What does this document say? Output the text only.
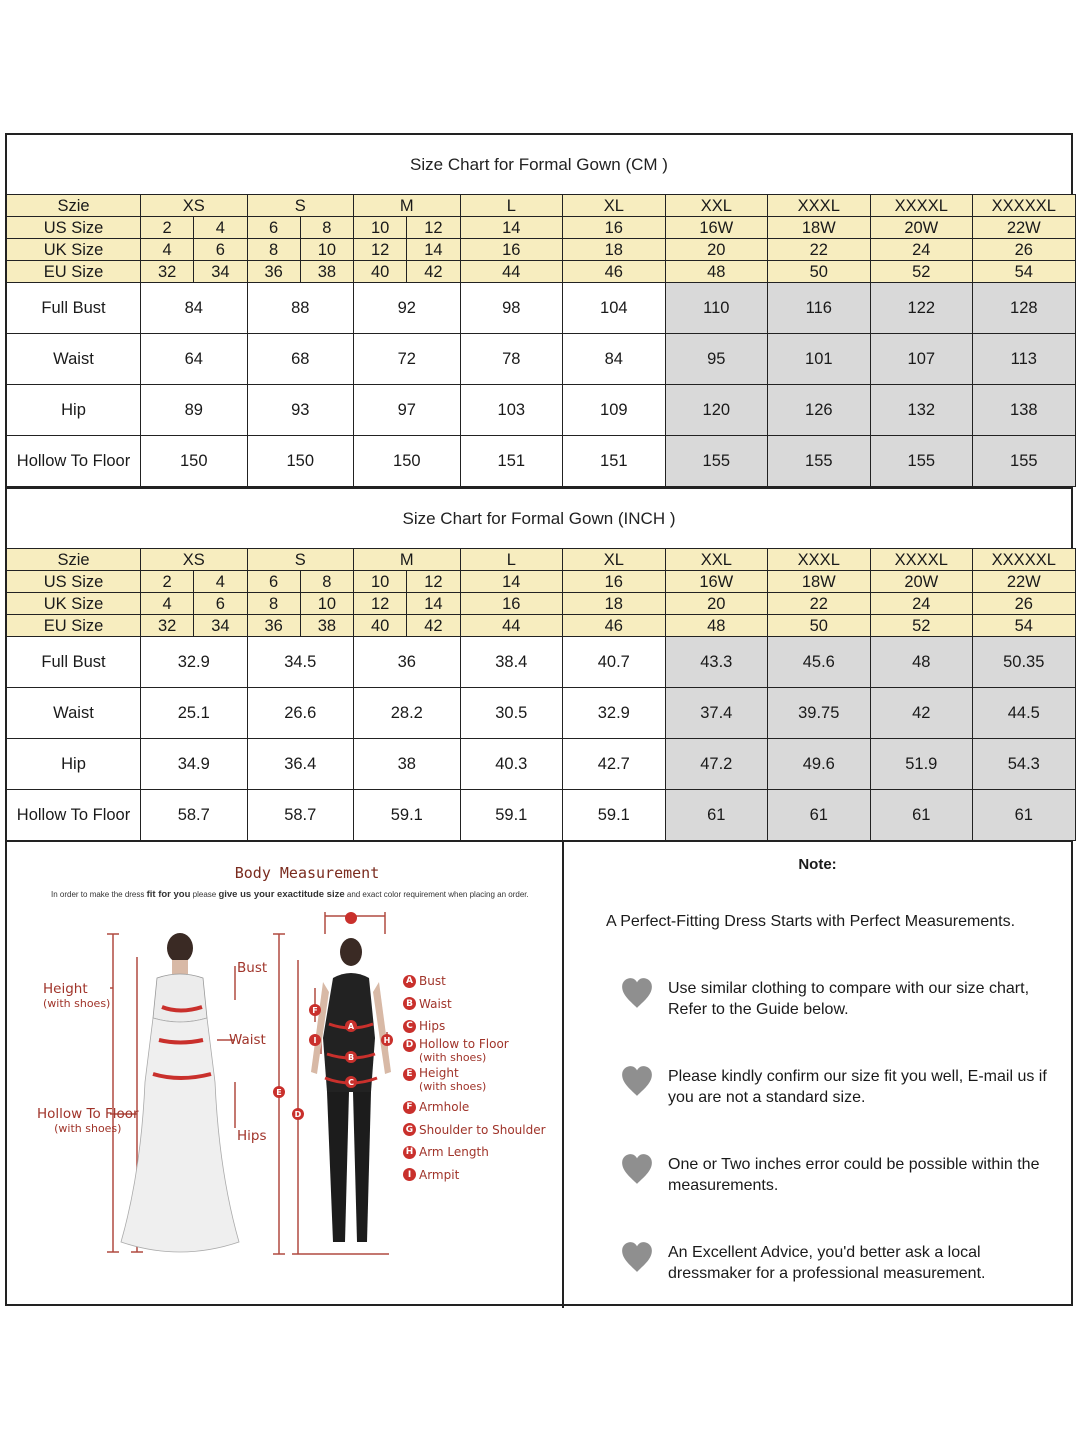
Size Chart for Formal Gown (CM )
Szie	XS		S		M		L	XL	XXL	XXXL	XXXXL	XXXXXL
US Size	2	4	6	8	10	12	14	16	16W	18W	20W	22W
UK Size	4	6	8	10	12	14	16	18	20	22	24	26
EU Size	32	34	36	38	40	42	44	46	48	50	52	54
Full Bust	84		88		92		98	104	110	116	122	128
Waist	64		68		72		78	84	95	101	107	113
Hip	89		93		97		103	109	120	126	132	138
Hollow To Floor	150		150		150		151	151	155	155	155	155
Size Chart for Formal Gown (INCH )
Szie	XS		S		M		L	XL	XXL	XXXL	XXXXL	XXXXXL
US Size	2	4	6	8	10	12	14	16	16W	18W	20W	22W
UK Size	4	6	8	10	12	14	16	18	20	22	24	26
EU Size	32	34	36	38	40	42	44	46	48	50	52	54
Full Bust	32.9		34.5		36		38.4	40.7	43.3	45.6	48	50.35
Waist	25.1		26.6		28.2		30.5	32.9	37.4	39.75	42	44.5
Hip	34.9		36.4		38		40.3	42.7	47.2	49.6	51.9	54.3
Hollow To Floor	58.7		58.7		59.1		59.1	59.1	61	61	61	61
Body Measurement
In order to make the dress fit for you please give us your exactitude size and exact color requirement when placing an order.
A
B
C
E
D
F
I	H
Height
(with shoes)
Hollow To Floor
(with shoes)
Bust
Waist
Hips
A Bust
B Waist
C Hips
D Hollow to Floor
(with shoes)
E Height
(with shoes)
F Armhole
G Shoulder to Shoulder
H Arm Length
I Armpit
Note:
A Perfect-Fitting Dress Starts with Perfect Measurements.
Use similar clothing to compare with our size chart, Refer to the Guide below.
Please kindly confirm our size fit you well, E-mail us if you are not a standard size.
One or Two inches error could be possible within the measurements.
An Excellent Advice, you'd better ask a local dressmaker for a professional measurement.
